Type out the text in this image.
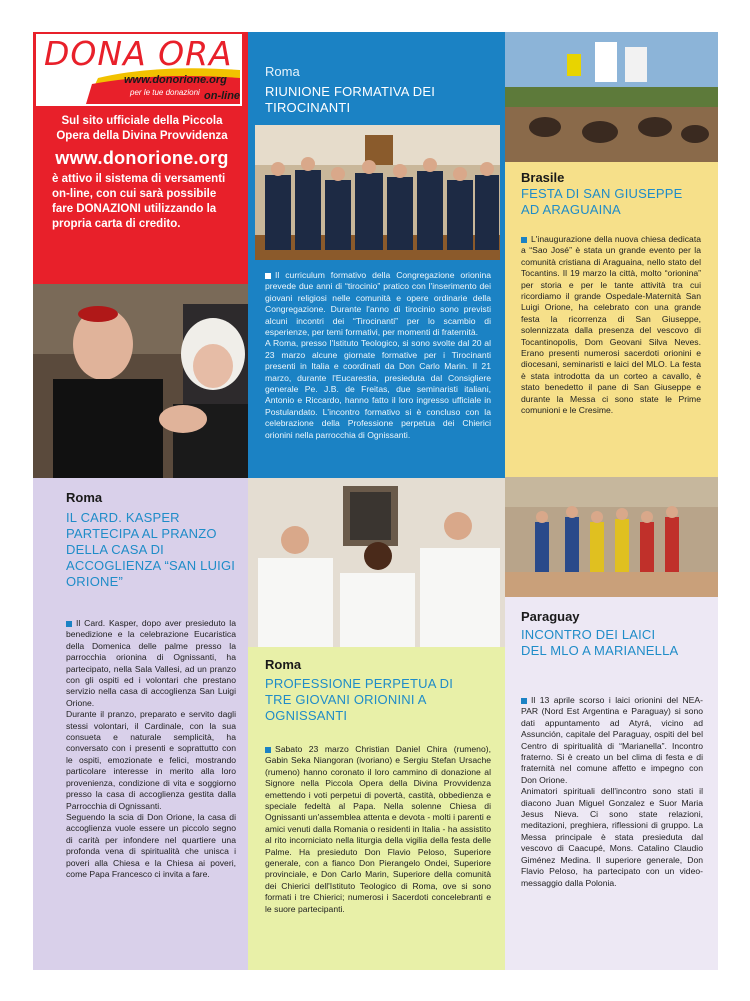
DONA ORA
www.donorione.org
per le tue donazioni on-line
Sul sito ufficiale della Piccola Opera della Divina Provvidenza
www.donorione.org
è attivo il sistema di versamenti on-line, con cui sarà possibile fare DONAZIONI utilizzando la propria carta di credito.
Roma
IL CARD. KASPER PARTECIPA AL PRANZO DELLA CASA DI ACCOGLIENZA “SAN LUIGI ORIONE”

Il Card. Kasper, dopo aver presieduto la benedizione e la celebrazione Eucaristica della Domenica delle palme presso la parrocchia orionina di Ognissanti, ha partecipato, nella Sala Vallesi, ad un pranzo con gli ospiti ed i volontari che prestano servizio nella casa di accoglienza San Luigi Orione.

Durante il pranzo, preparato e servito dagli stessi volontari, il Cardinale, con la sua consueta e naturale semplicità, ha conversato con i presenti e soprattutto con le ospiti, emozionate e felici, mostrando particolare interesse in merito alla loro provenienza, condizione di vita e soggiorno presso la casa di accoglienza gestita dalla Parrocchia di Ognissanti.

Seguendo la scia di Don Orione, la casa di accoglienza vuole essere un piccolo segno di carità per infondere nel quartiere una profonda vena di spiritualità che unisca i poveri alla Chiesa e la Chiesa ai poveri, come Papa Francesco ci invita a fare.

Roma
RIUNIONE FORMATIVA DEI TIROCINANTI

Il curriculum formativo della Congregazione orionina prevede due anni di “tirocinio” pratico con l'inserimento dei giovani religiosi nelle comunità e opere ordinarie della Congregazione. Durante l'anno di tirocinio sono previsti alcuni incontri dei “Tirocinanti” per lo scambio di esperienze, per temi formativi, per momenti di fraternità.

A Roma, presso l'Istituto Teologico, si sono svolte dal 20 al 23 marzo alcune giornate formative per i Tirocinanti presenti in Italia e coordinati da Don Carlo Marin. Il 21 marzo, durante l'Eucarestia, presieduta dal Consigliere generale Pe. J.B. de Freitas, due seminaristi italiani, Antonio e Riccardo, hanno fatto il loro ingresso ufficiale in Postulandato. L'incontro formativo si è concluso con la celebrazione della Professione perpetua dei Chierici orionini nella parrocchia di Ognissanti.

Brasile
FESTA DI SAN GIUSEPPE AD ARAGUAINA

L'inaugurazione della nuova chiesa dedicata a “Sao José” è stata un grande evento per la comunità cristiana di Araguaina, nello stato del Tocantins. Il 19 marzo la città, molto “orionina” per storia e per le tante attività tra cui ricordiamo il grande Ospedale-Maternità San Luigi Orione, ha celebrato con una grande festa la ricorrenza di San Giuseppe, solennizzata dalla presenza del vescovo di Tocantinopolis, Dom Geovani Silva Neves. Erano presenti numerosi sacerdoti orionini e diocesani, seminaristi e laici del MLO. La festa è stata introdotta da un corteo a cavallo, è stato benedetto il pane di San Giuseppe e durante la Messa ci sono state le Prime comunioni e le Cresime.

Roma
PROFESSIONE PERPETUA DI TRE GIOVANI ORIONINI A OGNISSANTI

Sabato 23 marzo Christian Daniel Chira (rumeno), Gabin Seka Niangoran (ivoriano) e Sergiu Stefan Ursache (rumeno) hanno coronato il loro cammino di donazione al Signore nella Piccola Opera della Divina Provvidenza emettendo i voti perpetui di povertà, castità, obbedienza e speciale fedeltà al Papa. Nella solenne Chiesa di Ognissanti un'assemblea attenta e devota - molti i parenti e amici venuti dalla Romania o residenti in Italia - ha assistito al rito incorniciato nella liturgia della vigilia della festa delle Palme. Ha presieduto Don Flavio Peloso, Superiore generale, con a fianco Don Pierangelo Ondei, Superiore provinciale, e Don Carlo Marin, Superiore della comunità dei Chierici dell'Istituto Teologico di Roma, ove si sono formati i tre Chierici; numerosi i Sacerdoti concelebranti e le suore partecipanti.

Paraguay
INCONTRO DEI LAICI DEL MLO A MARIANELLA

Il 13 aprile scorso i laici orionini del NEA-PAR (Nord Est Argentina e Paraguay) si sono dati appuntamento ad Atyrá, vicino ad Assunción, capitale del Paraguay, ospiti del bel Centro di spiritualità di “Marianella”. Incontro fraterno. Si è creato un bel clima di festa e di fraternità nel comune affetto e impegno con Don Orione.

Animatori spirituali dell'incontro sono stati il diacono Juan Miguel Gonzalez e Suor Maria Jesus Nieva. Ci sono state relazioni, meditazioni, preghiera, riflessioni di gruppo. La Messa principale è stata presieduta dal vescovo di Caacupé, Mons. Catalino Claudio Giménez Medina. Il superiore generale, Don Flavio Peloso, ha partecipato con un video-messaggio dalla Polonia.
